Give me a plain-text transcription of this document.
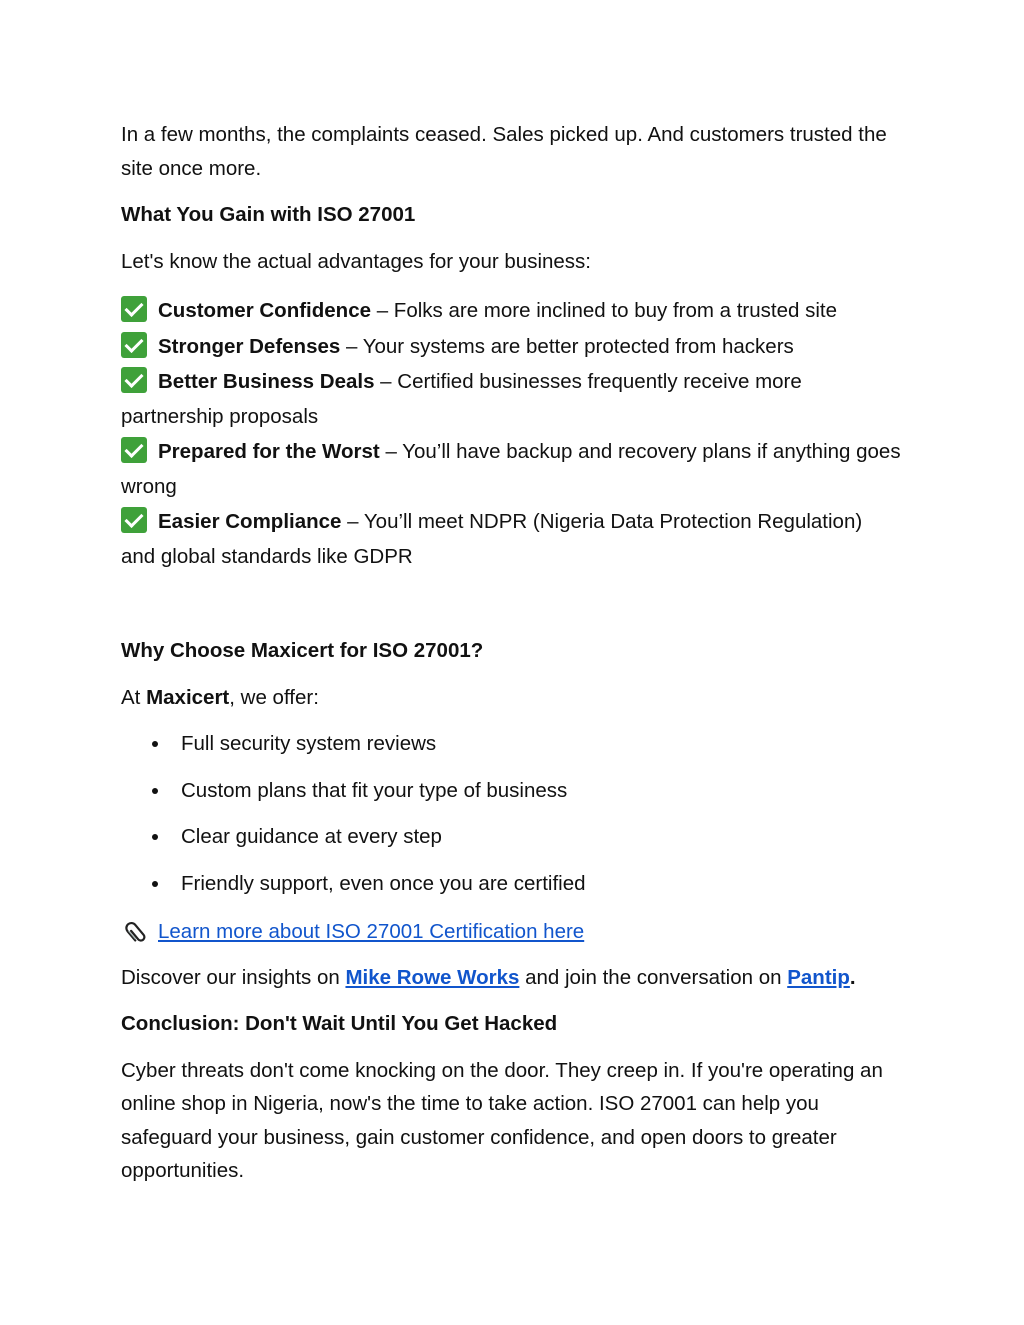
In a few months, the complaints ceased. Sales picked up. And customers trusted the site once more.

What You Gain with ISO 27001

Let's know the actual advantages for your business:

Customer Confidence – Folks are more inclined to buy from a trusted site

Stronger Defenses – Your systems are better protected from hackers

Better Business Deals – Certified businesses frequently receive more partnership proposals

Prepared for the Worst – You’ll have backup and recovery plans if anything goes wrong

Easier Compliance – You’ll meet NDPR (Nigeria Data Protection Regulation) and global standards like GDPR

Why Choose Maxicert for ISO 27001?

At Maxicert, we offer:

Full security system reviews
Custom plans that fit your type of business
Clear guidance at every step
Friendly support, even once you are certified

Learn more about ISO 27001 Certification here

Discover our insights on Mike Rowe Works and join the conversation on Pantip.

Conclusion: Don't Wait Until You Get Hacked

Cyber threats don't come knocking on the door. They creep in. If you're operating an online shop in Nigeria, now's the time to take action. ISO 27001 can help you safeguard your business, gain customer confidence, and open doors to greater opportunities.
